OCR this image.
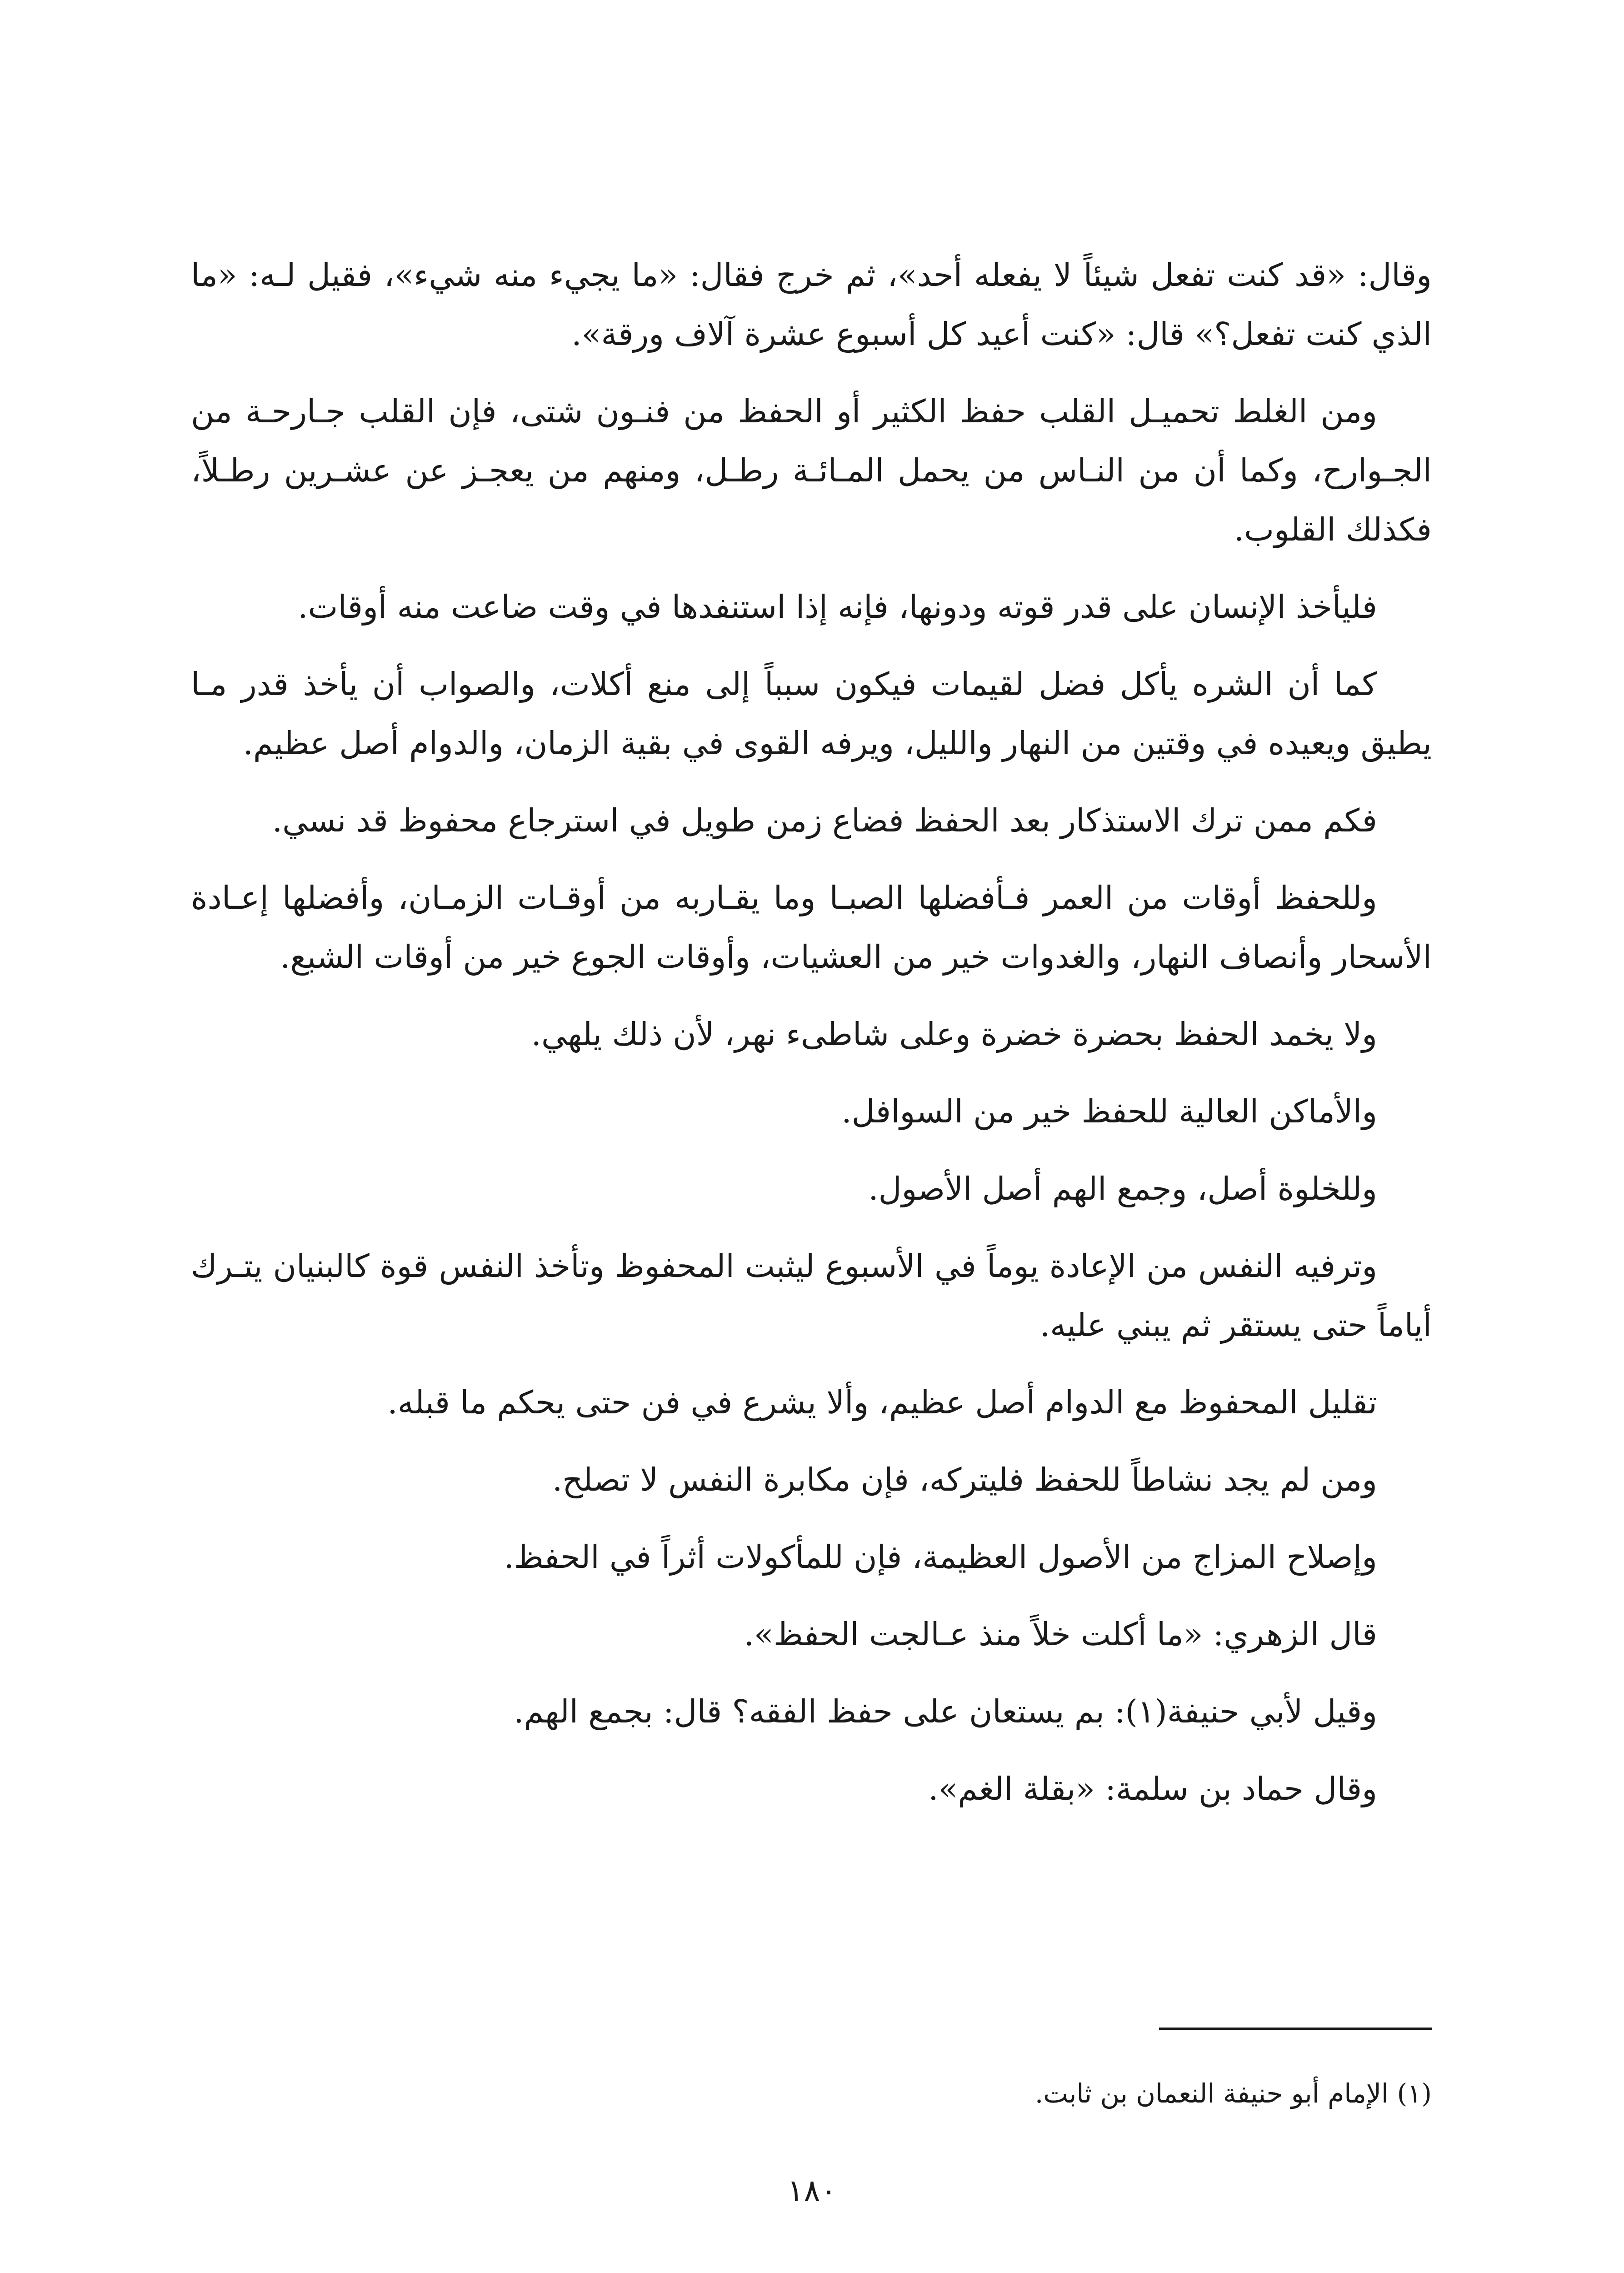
وقال: «قد كنت تفعل شيئاً لا يفعله أحد»، ثم خرج فقال: «ما يجيء منه شيء»، فقيل لـه: «ما الذي كنت تفعل؟» قال: «كنت أعيد كل أسبوع عشرة آلاف ورقة».

ومن الغلط تحميـل القلب حفظ الكثير أو الحفظ من فنـون شتى، فإن القلب جـارحـة من الجـوارح، وكما أن من النـاس من يحمل المـائـة رطـل، ومنهم من يعجـز عن عشـرين رطـلاً، فكذلك القلوب.

فليأخذ الإنسان على قدر قوته ودونها، فإنه إذا استنفدها في وقت ضاعت منه أوقات.

كما أن الشره يأكل فضل لقيمات فيكون سبباً إلى منع أكلات، والصواب أن يأخذ قدر مـا يطيق ويعيده في وقتين من النهار والليل، ويرفه القوى في بقية الزمان، والدوام أصل عظيم.

فكم ممن ترك الاستذكار بعد الحفظ فضاع زمن طويل في استرجاع محفوظ قد نسي.

وللحفظ أوقات من العمر فـأفضلها الصبـا وما يقـاربه من أوقـات الزمـان، وأفضلها إعـادة الأسحار وأنصاف النهار، والغدوات خير من العشيات، وأوقات الجوع خير من أوقات الشبع.

ولا يخمد الحفظ بحضرة خضرة وعلى شاطىء نهر، لأن ذلك يلهي.

والأماكن العالية للحفظ خير من السوافل.

وللخلوة أصل، وجمع الهم أصل الأصول.

وترفيه النفس من الإعادة يوماً في الأسبوع ليثبت المحفوظ وتأخذ النفس قوة كالبنيان يتـرك أياماً حتى يستقر ثم يبني عليه.

تقليل المحفوظ مع الدوام أصل عظيم، وألا يشرع في فن حتى يحكم ما قبله.

ومن لم يجد نشاطاً للحفظ فليتركه، فإن مكابرة النفس لا تصلح.

وإصلاح المزاج من الأصول العظيمة، فإن للمأكولات أثراً في الحفظ.

قال الزهري: «ما أكلت خلاً منذ عـالجت الحفظ».

وقيل لأبي حنيفة(١): بم يستعان على حفظ الفقه؟ قال: بجمع الهم.

وقال حماد بن سلمة: «بقلة الغم».

(١) الإمام أبو حنيفة النعمان بن ثابت.
١٨٠
